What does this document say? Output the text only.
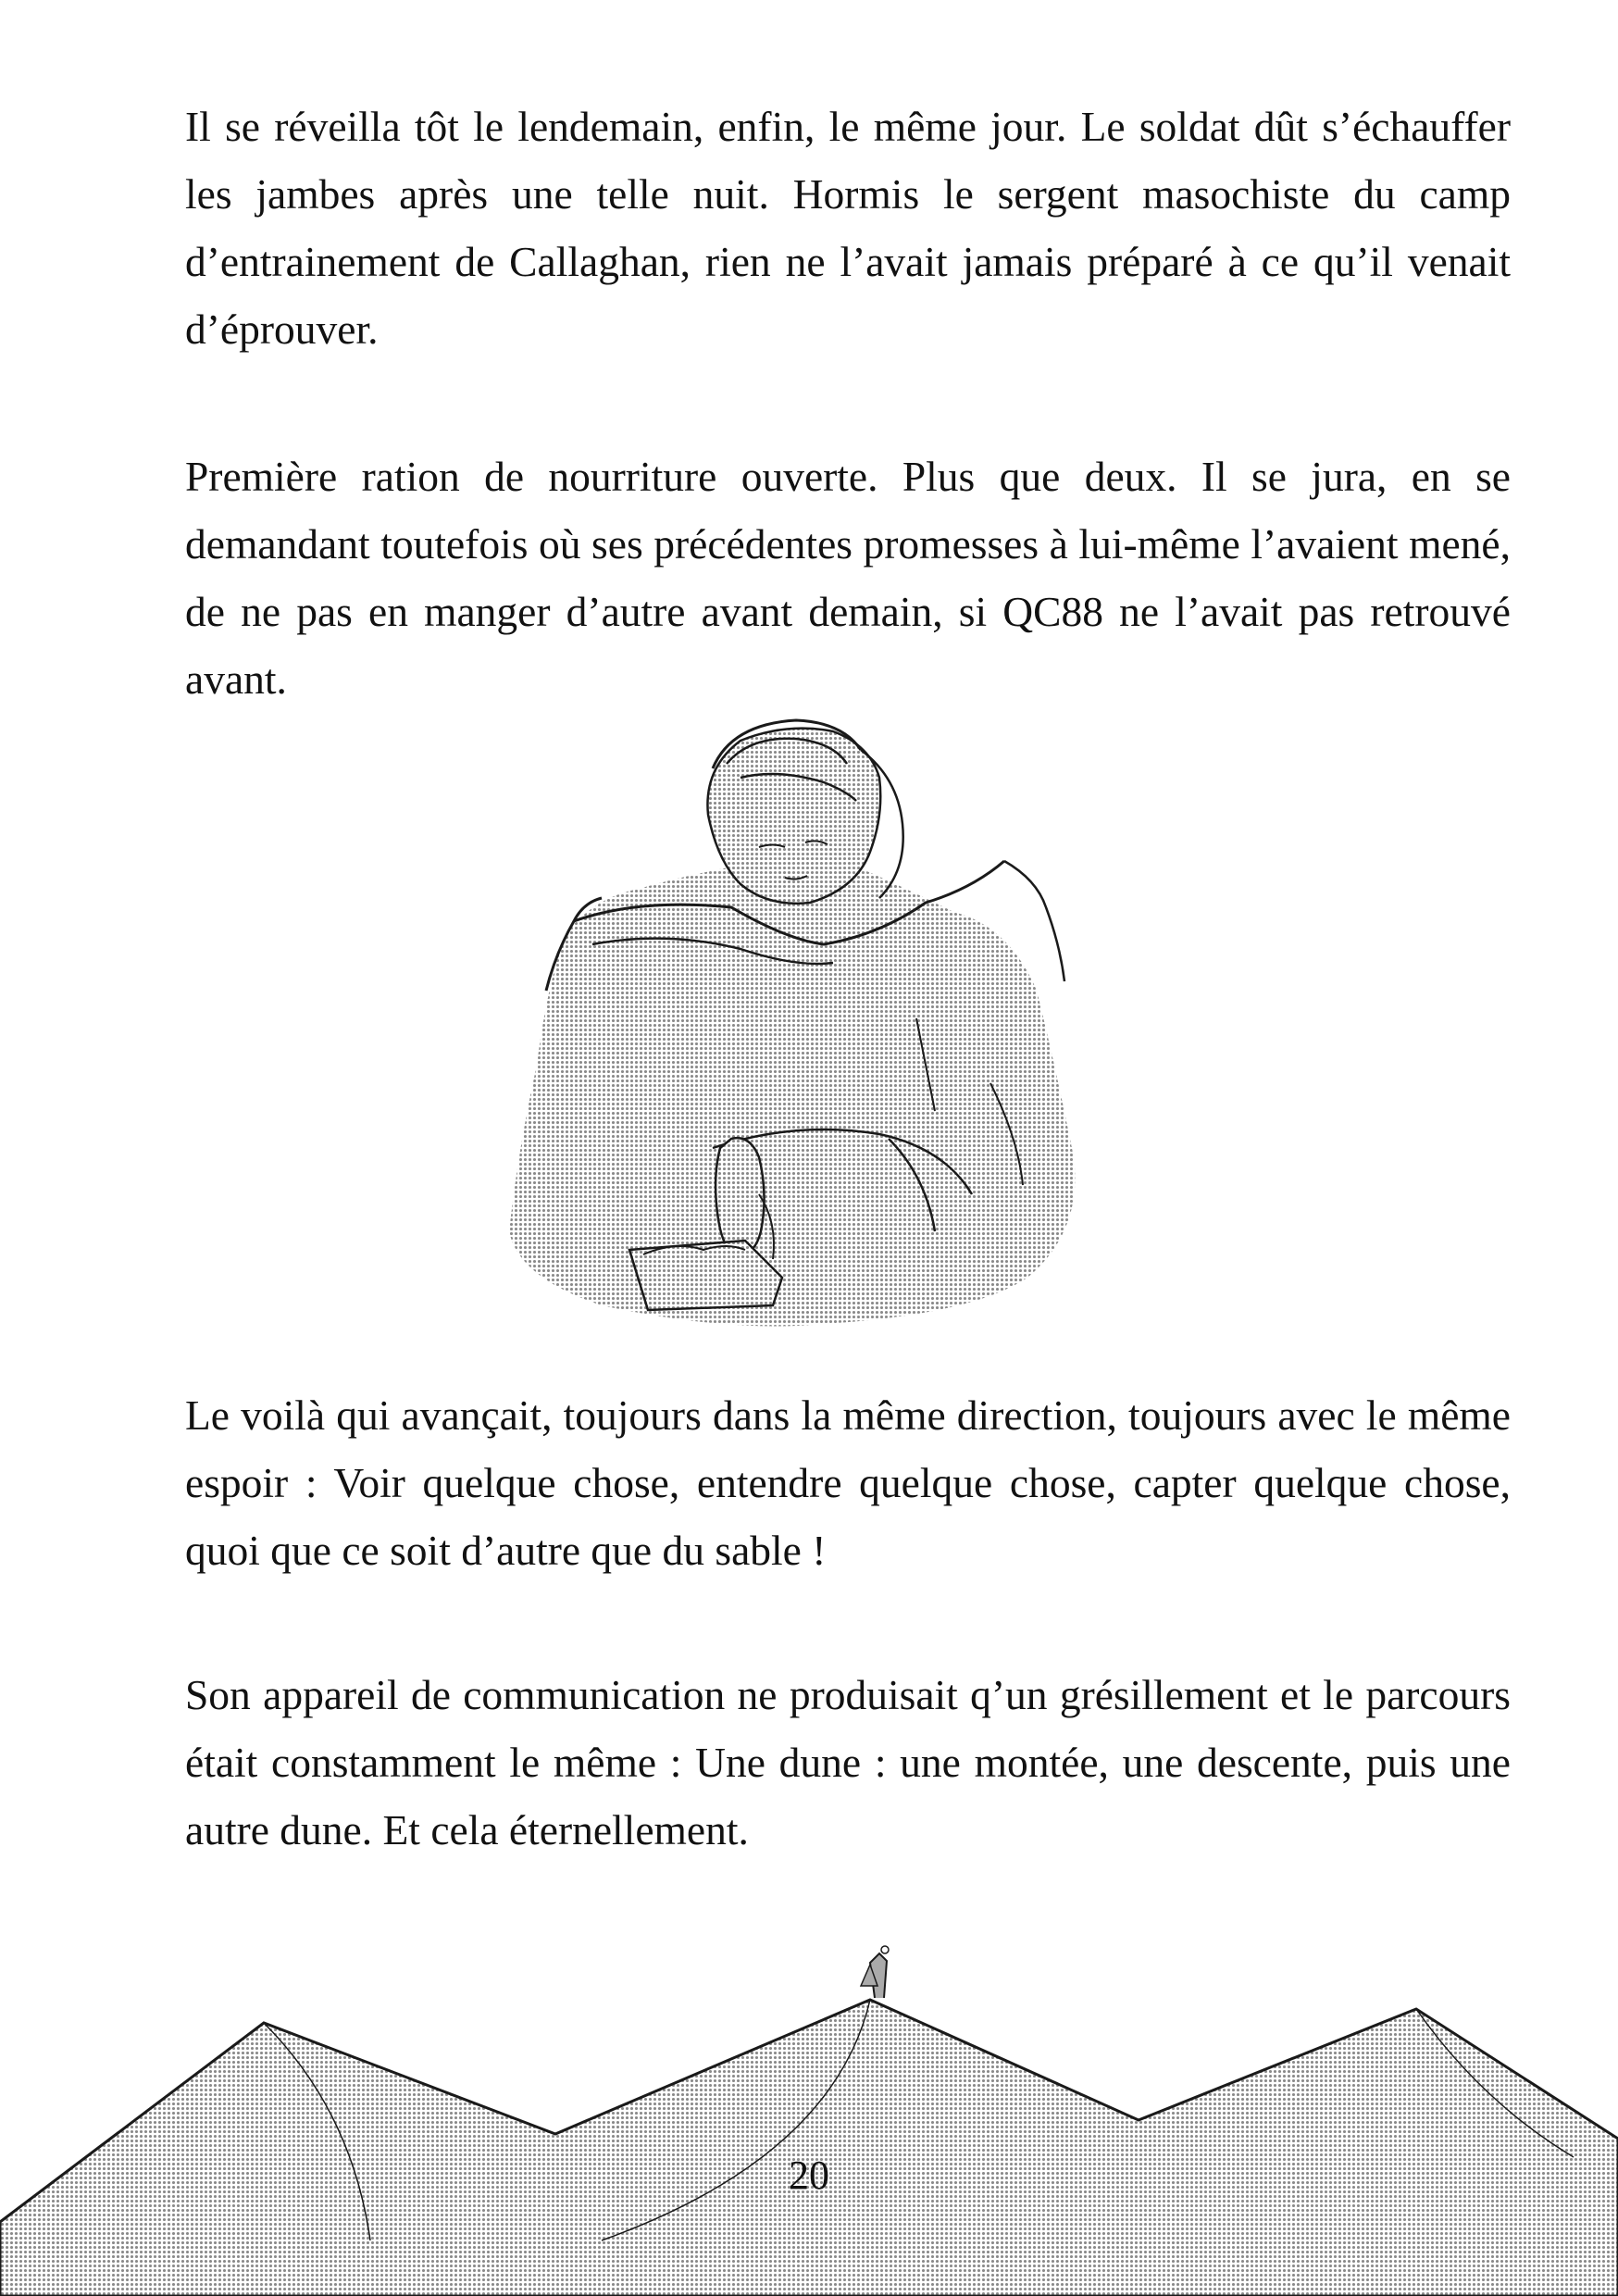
Il se réveilla tôt le lendemain, enfin, le même jour. Le soldat dût s’échauffer les jambes après une telle nuit. Hormis le sergent masochiste du camp d’entrainement de Callaghan, rien ne l’avait jamais préparé à ce qu’il venait d’éprouver.

Première ration de nourriture ouverte. Plus que deux. Il se jura, en se demandant toutefois où ses précédentes promesses à lui-même l’avaient mené, de ne pas en manger d’autre avant demain, si QC88 ne l’avait pas retrouvé avant.

Le voilà qui avançait, toujours dans la même direction, toujours avec le même espoir : Voir quelque chose, entendre quelque chose, capter quelque chose, quoi que ce soit d’autre que du sable !

Son appareil de communication ne produisait q’un grésillement et le parcours était constamment le même : Une dune : une montée, une descente, puis une autre dune. Et cela éternellement.

20
